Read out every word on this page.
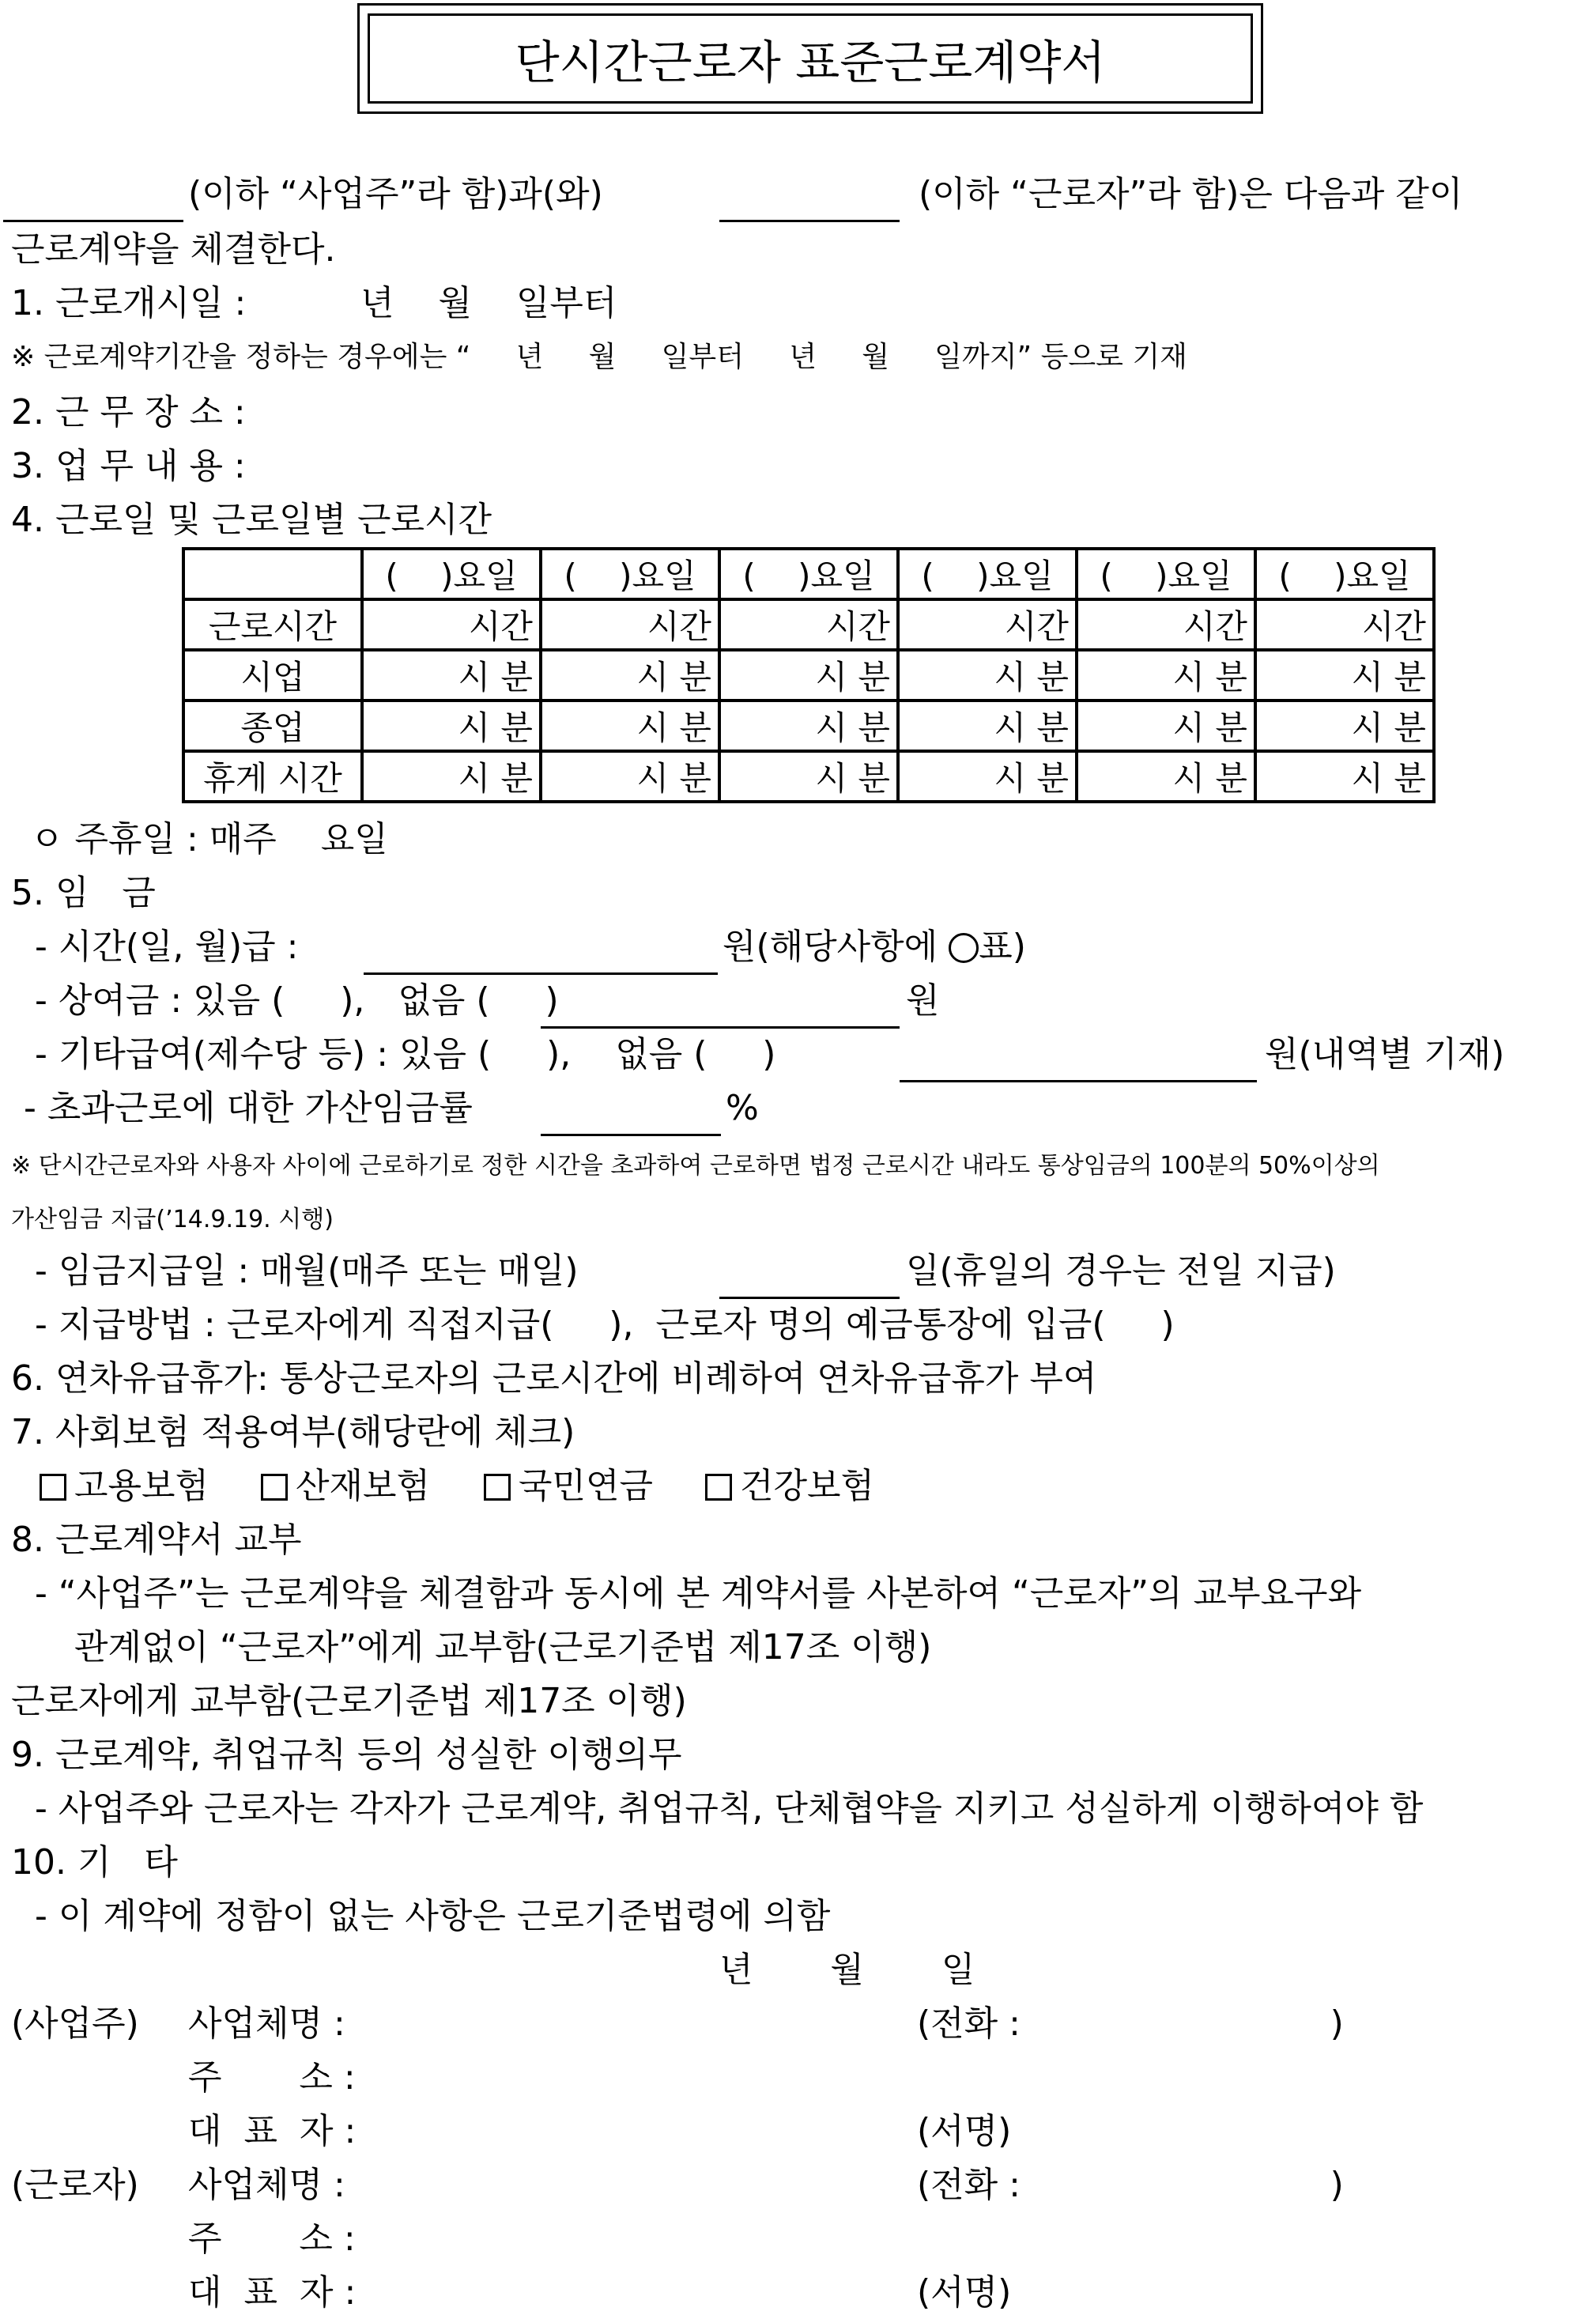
단시간근로자 표준근로계약서
(이하 “사업주”라 함)과(와)	(이하 “근로자”라 함)은 다음과 같이
근로계약을 체결한다.
1. 근로개시일 :	년    월    일부터
※ 근로계약기간을 정하는 경우에는 “     년     월     일부터     년     월     일까지” 등으로 기재
2. 근 무 장 소 :
3. 업 무 내 용 :
4. 근로일 및 근로일별 근로시간
	(    )요일	(    )요일	(    )요일	(    )요일	(    )요일	(    )요일
근로시간	시간	시간	시간	시간	시간	시간
시업	시 분	시 분	시 분	시 분	시 분	시 분
종업	시 분	시 분	시 분	시 분	시 분	시 분
휴게 시간	시 분	시 분	시 분	시 분	시 분	시 분
ㅇ 주휴일 : 매주    요일
5. 임   금
- 시간(일, 월)급 :	원(해당사항에 표)
- 상여금 : 있음 (     ),   없음 (     )	원
- 기타급여(제수당 등) : 있음 (     ),    없음 (     )	원(내역별 기재)
- 초과근로에 대한 가산임금률	%
※ 단시간근로자와 사용자 사이에 근로하기로 정한 시간을 초과하여 근로하면 법정 근로시간 내라도 통상임금의 100분의 50%이상의
가산임금 지급(’14.9.19. 시행)
- 임금지급일 : 매월(매주 또는 매일)	일(휴일의 경우는 전일 지급)
- 지급방법 : 근로자에게 직접지급(     ),  근로자 명의 예금통장에 입금(     )
6. 연차유급휴가: 통상근로자의 근로시간에 비례하여 연차유급휴가 부여
7. 사회보험 적용여부(해당란에 체크)
고용보험	산재보험	국민연금	건강보험
8. 근로계약서 교부
- “사업주”는 근로계약을 체결함과 동시에 본 계약서를 사본하여 “근로자”의 교부요구와
관계없이 “근로자”에게 교부함(근로기준법 제17조 이행)
근로자에게 교부함(근로기준법 제17조 이행)
9. 근로계약, 취업규칙 등의 성실한 이행의무
- 사업주와 근로자는 각자가 근로계약, 취업규칙, 단체협약을 지키고 성실하게 이행하여야 함
10. 기   타
- 이 계약에 정함이 없는 사항은 근로기준법령에 의함
년       월       일
(사업주) 사업체명 :	(전화 :                            )
주       소 :
대  표  자 :	(서명)
(근로자) 사업체명 :	(전화 :                            )
주       소 :
대  표  자 :	(서명)
